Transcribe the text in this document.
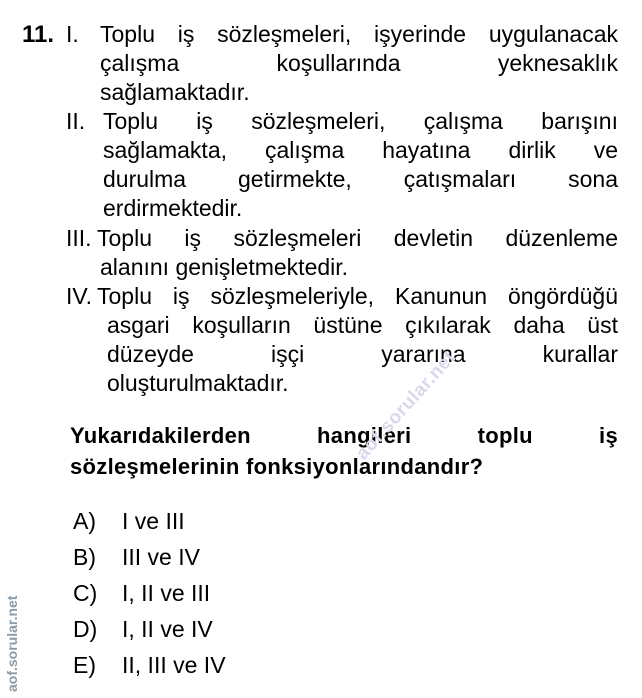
11. I. Toplu iş sözleşmeleri, işyerinde uygulanacak
çalışma koşullarında yeknesaklık
sağlamaktadır.
II. Toplu iş sözleşmeleri, çalışma barışını
sağlamakta, çalışma hayatına dirlik ve
durulma getirmekte, çatışmaları sona
erdirmektedir.
III. Toplu iş sözleşmeleri devletin düzenleme
alanını genişletmektedir.
IV. Toplu iş sözleşmeleriyle, Kanunun öngördüğü
asgari koşulların üstüne çıkılarak daha üst
düzeyde işçi yararına kurallar
oluşturulmaktadır.
Yukarıdakilerden hangileri toplu iş
sözleşmelerinin fonksiyonlarındandır?
A) I ve III
B) III ve IV
C) I, II ve III
D) I, II ve IV
E) II, III ve IV
aof.sorular.net
aof.sorular.net
